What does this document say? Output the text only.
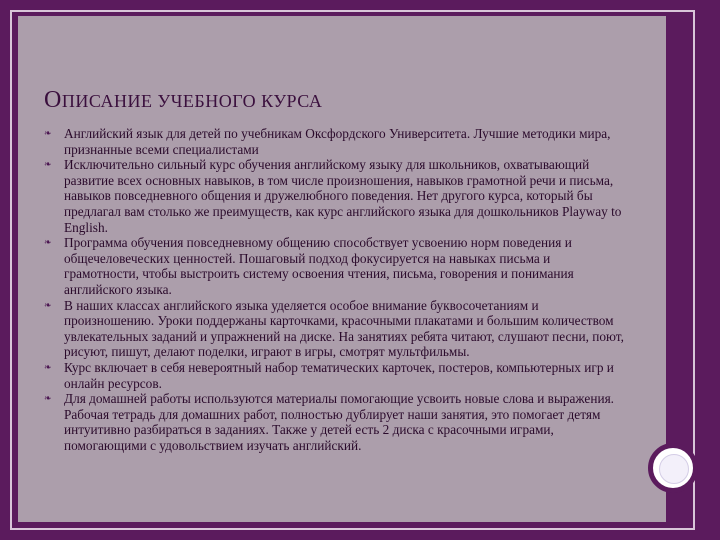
ОПИСАНИЕ УЧЕБНОГО КУРСА
❧ Английский язык для детей по учебникам Оксфордского Университета. Лучшие методики мира, признанные всеми специалистами
❧ Исключительно сильный курс обучения английскому языку для школьников, охватывающий развитие всех основных навыков, в том числе произношения, навыков грамотной речи и письма, навыков повседневного общения и дружелюбного поведения. Нет другого курса, который бы предлагал вам столько же преимуществ, как курс английского языка для дошкольников Playway to English.
❧ Программа обучения повседневному общению способствует усвоению норм поведения и общечеловеческих ценностей. Пошаговый подход фокусируется на навыках письма и грамотности, чтобы выстроить систему освоения чтения, письма, говорения и понимания английского языка.
❧ В наших классах английского языка уделяется особое внимание буквосочетаниям и произношению. Уроки поддержаны карточками, красочными плакатами и большим количеством увлекательных заданий и упражнений на диске. На занятиях ребята читают, слушают песни, поют, рисуют, пишут, делают поделки, играют в игры, смотрят мультфильмы.
❧ Курс включает в себя невероятный набор тематических карточек, постеров, компьютерных игр и онлайн ресурсов.
❧ Для домашней работы используются материалы помогающие усвоить новые слова и выражения. Рабочая тетрадь для домашних работ, полностью дублирует наши занятия, это помогает детям интуитивно разбираться в заданиях. Также у детей есть 2 диска с красочными играми, помогающими с удовольствием изучать английский.
